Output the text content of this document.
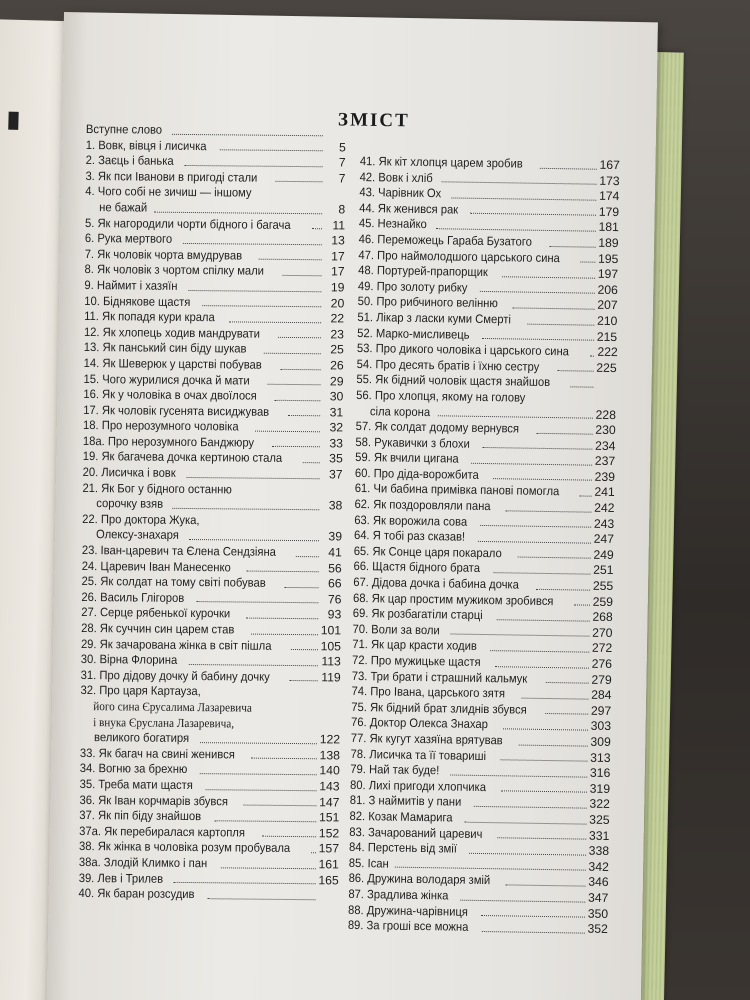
ЗМІСТ
Вступне слово
1. Вовк, вівця і лисичка	5
2. Заєць і банька	7
3. Як пси Іванови в пригоді стали	7
4. Чого собі не зичиш — іншому
не бажай	8
5. Як нагородили чорти бідного і багача	11
6. Рука мертвого	13
7. Як чоловік чорта вмудрував	17
8. Як чоловік з чортом спілку мали	17
9. Наймит і хазяїн	19
10. Біднякове щастя	20
11. Як попадя кури крала	22
12. Як хлопець ходив мандрувати	23
13. Як панський син біду шукав	25
14. Як Шеверюк у царстві побував	26
15. Чого журилися дочка й мати	29
16. Як у чоловіка в очах двоїлося	30
17. Як чоловік гусенята висиджував	31
18. Про нерозумного чоловіка	32
18а. Про нерозумного Банджюру	33
19. Як багачева дочка кертиною стала	35
20. Лисичка і вовк	37
21. Як Бог у бідного останню
сорочку взяв	38
22. Про доктора Жука,
Олексу-знахаря	39
23. Іван-царевич та Єлена Сендзіяна	41
24. Царевич Іван Манесенко	56
25. Як солдат на тому світі побував	66
26. Василь Глігоров	76
27. Серце рябенької курочки	93
28. Як суччин син царем став	101
29. Як зачарована жінка в світ пішла	105
30. Вірна Флорина	113
31. Про дідову дочку й бабину дочку	119
32. Про царя Картауза,
його сина Єрусалима Лазаревича
і внука Єруслана Лазаревича,
великого богатиря	122
33. Як багач на свині женився	138
34. Вогню за брехню	140
35. Треба мати щастя	143
36. Як Іван корчмарів збувся	147
37. Як піп біду знайшов	151
37а. Як перебиралася картопля	152
38. Як жінка в чоловіка розум пробувала 157
38а. Злодій Климко і пан	161
39. Лев і Трилев	165
40. Як баран розсудив
41. Як кіт хлопця царем зробив	167
42. Вовк і хліб	173
43. Чарівник Ох	174
44. Як женився рак	179
45. Незнайко	181
46. Переможець Гараба Бузатого	189
47. Про наймолодшого царського сина	195
48. Портурей-прапорщик	197
49. Про золоту рибку	206
50. Про рибчиного велінню	207
51. Лікар з ласки куми Смерті	210
52. Марко-мисливець	215
53. Про дикого чоловіка і царського сина 222
54. Про десять братів і їхню сестру	225
55. Як бідний чоловік щастя знайшов
56. Про хлопця, якому на голову
сіла корона	228
57. Як солдат додому вернувся	230
58. Рукавички з блохи	234
59. Як вчили цигана	237
60. Про діда-ворожбита	239
61. Чи бабина примівка панові помогла	241
62. Як поздоровляли пана	242
63. Як ворожила сова	243
64. Я тобі раз сказав!	247
65. Як Сонце царя покарало	249
66. Щастя бідного брата	251
67. Дідова дочка і бабина дочка	255
68. Як цар простим мужиком зробився	259
69. Як розбагатіли старці	268
70. Воли за воли	270
71. Як цар красти ходив	272
72. Про мужицьке щастя	276
73. Три брати і страшний кальмук	279
74. Про Івана, царського зятя	284
75. Як бідний брат злиднів збувся	297
76. Доктор Олекса Знахар	303
77. Як кугут хазяїна врятував	309
78. Лисичка та її товариші	313
79. Най так буде!	316
80. Лихі пригоди хлопчика	319
81. З наймитів у пани	322
82. Козак Мамарига	325
83. Зачарований царевич	331
84. Перстень від змії	338
85. Ісан	342
86. Дружина володаря змій	346
87. Зрадлива жінка	347
88. Дружина-чарівниця	350
89. За гроші все можна	352
